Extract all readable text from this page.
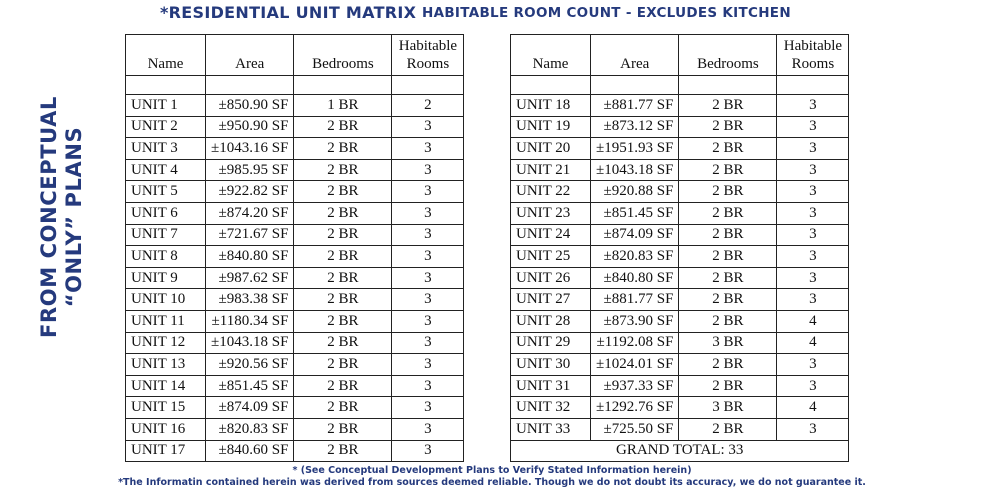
*RESIDENTIAL UNIT MATRIX HABITABLE ROOM COUNT - EXCLUDES KITCHEN
FROM CONCEPTUAL “ONLY” PLANS
Name	Area	Bedrooms	Habitable
Rooms

UNIT 1	±850.90 SF	1 BR	2
UNIT 2	±950.90 SF	2 BR	3
UNIT 3	±1043.16 SF	2 BR	3
UNIT 4	±985.95 SF	2 BR	3
UNIT 5	±922.82 SF	2 BR	3
UNIT 6	±874.20 SF	2 BR	3
UNIT 7	±721.67 SF	2 BR	3
UNIT 8	±840.80 SF	2 BR	3
UNIT 9	±987.62 SF	2 BR	3
UNIT 10	±983.38 SF	2 BR	3
UNIT 11	±1180.34 SF	2 BR	3
UNIT 12	±1043.18 SF	2 BR	3
UNIT 13	±920.56 SF	2 BR	3
UNIT 14	±851.45 SF	2 BR	3
UNIT 15	±874.09 SF	2 BR	3
UNIT 16	±820.83 SF	2 BR	3
UNIT 17	±840.60 SF	2 BR	3
Name	Area	Bedrooms	Habitable
Rooms

UNIT 18	±881.77 SF	2 BR	3
UNIT 19	±873.12 SF	2 BR	3
UNIT 20	±1951.93 SF	2 BR	3
UNIT 21	±1043.18 SF	2 BR	3
UNIT 22	±920.88 SF	2 BR	3
UNIT 23	±851.45 SF	2 BR	3
UNIT 24	±874.09 SF	2 BR	3
UNIT 25	±820.83 SF	2 BR	3
UNIT 26	±840.80 SF	2 BR	3
UNIT 27	±881.77 SF	2 BR	3
UNIT 28	±873.90 SF	2 BR	4
UNIT 29	±1192.08 SF	3 BR	4
UNIT 30	±1024.01 SF	2 BR	3
UNIT 31	±937.33 SF	2 BR	3
UNIT 32	±1292.76 SF	3 BR	4
UNIT 33	±725.50 SF	2 BR	3
GRAND TOTAL: 33			
* (See Conceptual Development Plans to Verify Stated Information herein)
*The Informatin contained herein was derived from sources deemed reliable. Though we do not doubt its accuracy, we do not guarantee it.
